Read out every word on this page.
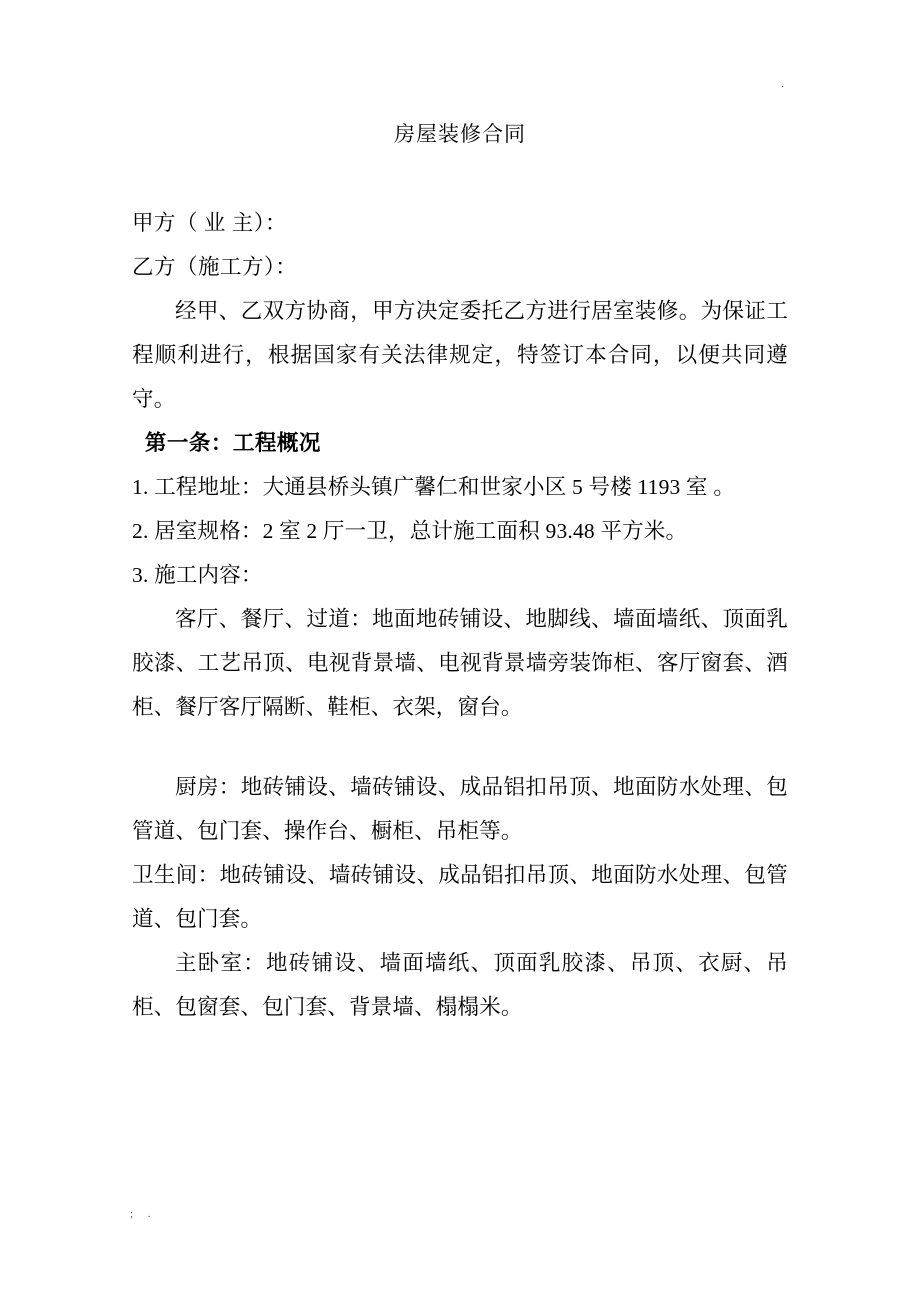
.
房屋装修合同

甲方（ 业 主）：

乙方（施工方）：

经甲、乙双方协商，甲方决定委托乙方进行居室装修。为保证工程顺利进行，根据国家有关法律规定，特签订本合同，以便共同遵守。

第一条：工程概况

1. 工程地址：大通县桥头镇广馨仁和世家小区 5 号楼 1193 室 。

2. 居室规格：2 室 2 厅一卫，总计施工面积 93.48 平方米。

3. 施工内容：

客厅、餐厅、过道：地面地砖铺设、地脚线、墙面墙纸、顶面乳胶漆、工艺吊顶、电视背景墙、电视背景墙旁装饰柜、客厅窗套、酒柜、餐厅客厅隔断、鞋柜、衣架，窗台。

厨房：地砖铺设、墙砖铺设、成品铝扣吊顶、地面防水处理、包管道、包门套、操作台、橱柜、吊柜等。

卫生间：地砖铺设、墙砖铺设、成品铝扣吊顶、地面防水处理、包管道、包门套。

主卧室：地砖铺设、墙面墙纸、顶面乳胶漆、吊顶、衣厨、吊柜、包窗套、包门套、背景墙、榻榻米。

; .
